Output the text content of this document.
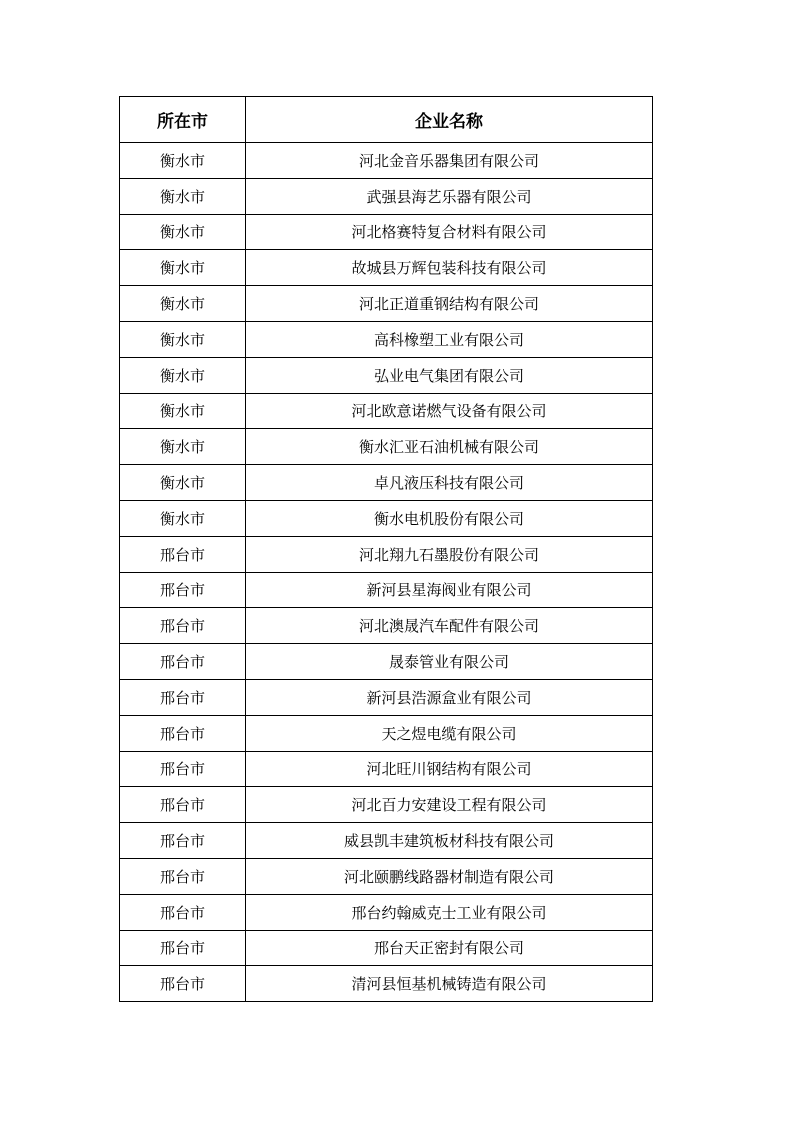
所在市	企业名称
衡水市	河北金音乐器集团有限公司
衡水市	武强县海艺乐器有限公司
衡水市	河北格赛特复合材料有限公司
衡水市	故城县万辉包装科技有限公司
衡水市	河北正道重钢结构有限公司
衡水市	高科橡塑工业有限公司
衡水市	弘业电气集团有限公司
衡水市	河北欧意诺燃气设备有限公司
衡水市	衡水汇亚石油机械有限公司
衡水市	卓凡液压科技有限公司
衡水市	衡水电机股份有限公司
邢台市	河北翔九石墨股份有限公司
邢台市	新河县星海阀业有限公司
邢台市	河北澳晟汽车配件有限公司
邢台市	晟泰管业有限公司
邢台市	新河县浩源盒业有限公司
邢台市	天之煜电缆有限公司
邢台市	河北旺川钢结构有限公司
邢台市	河北百力安建设工程有限公司
邢台市	威县凯丰建筑板材科技有限公司
邢台市	河北颐鹏线路器材制造有限公司
邢台市	邢台约翰威克士工业有限公司
邢台市	邢台天正密封有限公司
邢台市	清河县恒基机械铸造有限公司
